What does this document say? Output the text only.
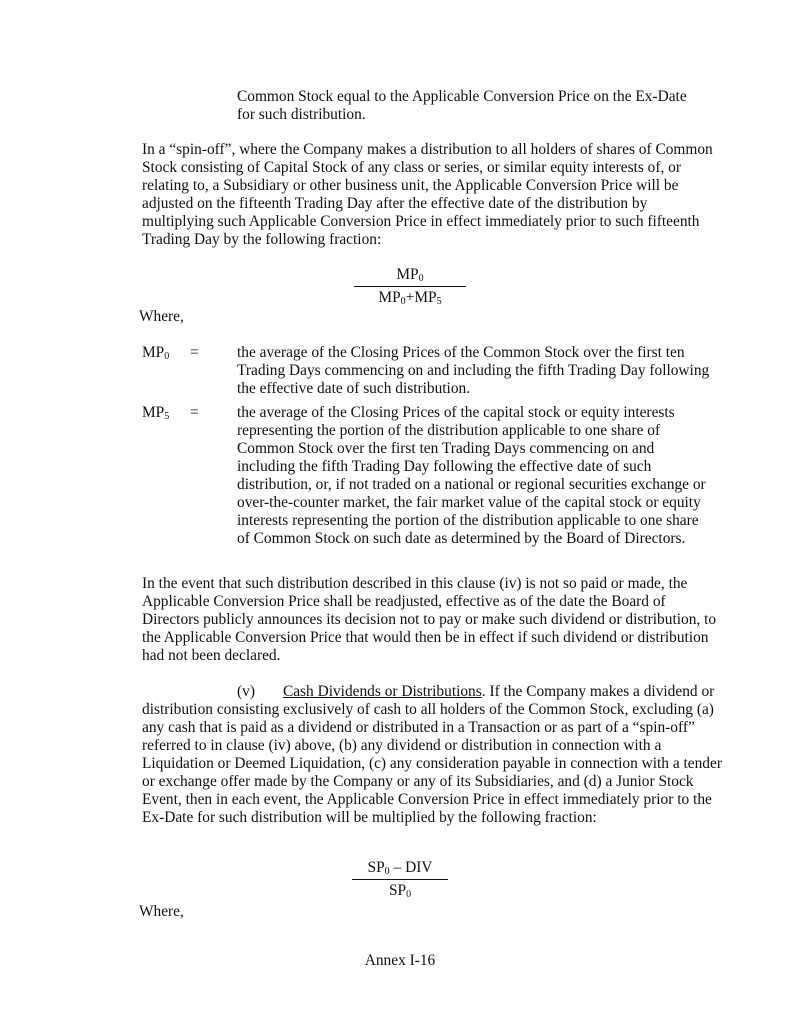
Common Stock equal to the Applicable Conversion Price on the Ex-Date for such distribution.

In a “spin-off”, where the Company makes a distribution to all holders of shares of Common Stock consisting of Capital Stock of any class or series, or similar equity interests of, or relating to, a Subsidiary or other business unit, the Applicable Conversion Price will be adjusted on the fifteenth Trading Day after the effective date of the distribution by multiplying such Applicable Conversion Price in effect immediately prior to such fifteenth Trading Day by the following fraction:

$MP_0$
$MP_0+MP_5$

Where,

$MP_0$ = the average of the Closing Prices of the Common Stock over the first ten Trading Days commencing on and including the fifth Trading Day following the effective date of such distribution.

$MP_5$ = the average of the Closing Prices of the capital stock or equity interests representing the portion of the distribution applicable to one share of Common Stock over the first ten Trading Days commencing on and including the fifth Trading Day following the effective date of such distribution, or, if not traded on a national or regional securities exchange or over-the-counter market, the fair market value of the capital stock or equity interests representing the portion of the distribution applicable to one share of Common Stock on such date as determined by the Board of Directors.

In the event that such distribution described in this clause (iv) is not so paid or made, the Applicable Conversion Price shall be readjusted, effective as of the date the Board of Directors publicly announces its decision not to pay or make such dividend or distribution, to the Applicable Conversion Price that would then be in effect if such dividend or distribution had not been declared.

(v) Cash Dividends or Distributions. If the Company makes a dividend or distribution consisting exclusively of cash to all holders of the Common Stock, excluding (a) any cash that is paid as a dividend or distributed in a Transaction or as part of a “spin-off” referred to in clause (iv) above, (b) any dividend or distribution in connection with a Liquidation or Deemed Liquidation, (c) any consideration payable in connection with a tender or exchange offer made by the Company or any of its Subsidiaries, and (d) a Junior Stock Event, then in each event, the Applicable Conversion Price in effect immediately prior to the Ex-Date for such distribution will be multiplied by the following fraction:

$SP_0$ – DIV
$SP_0$

Where,

Annex I-16
